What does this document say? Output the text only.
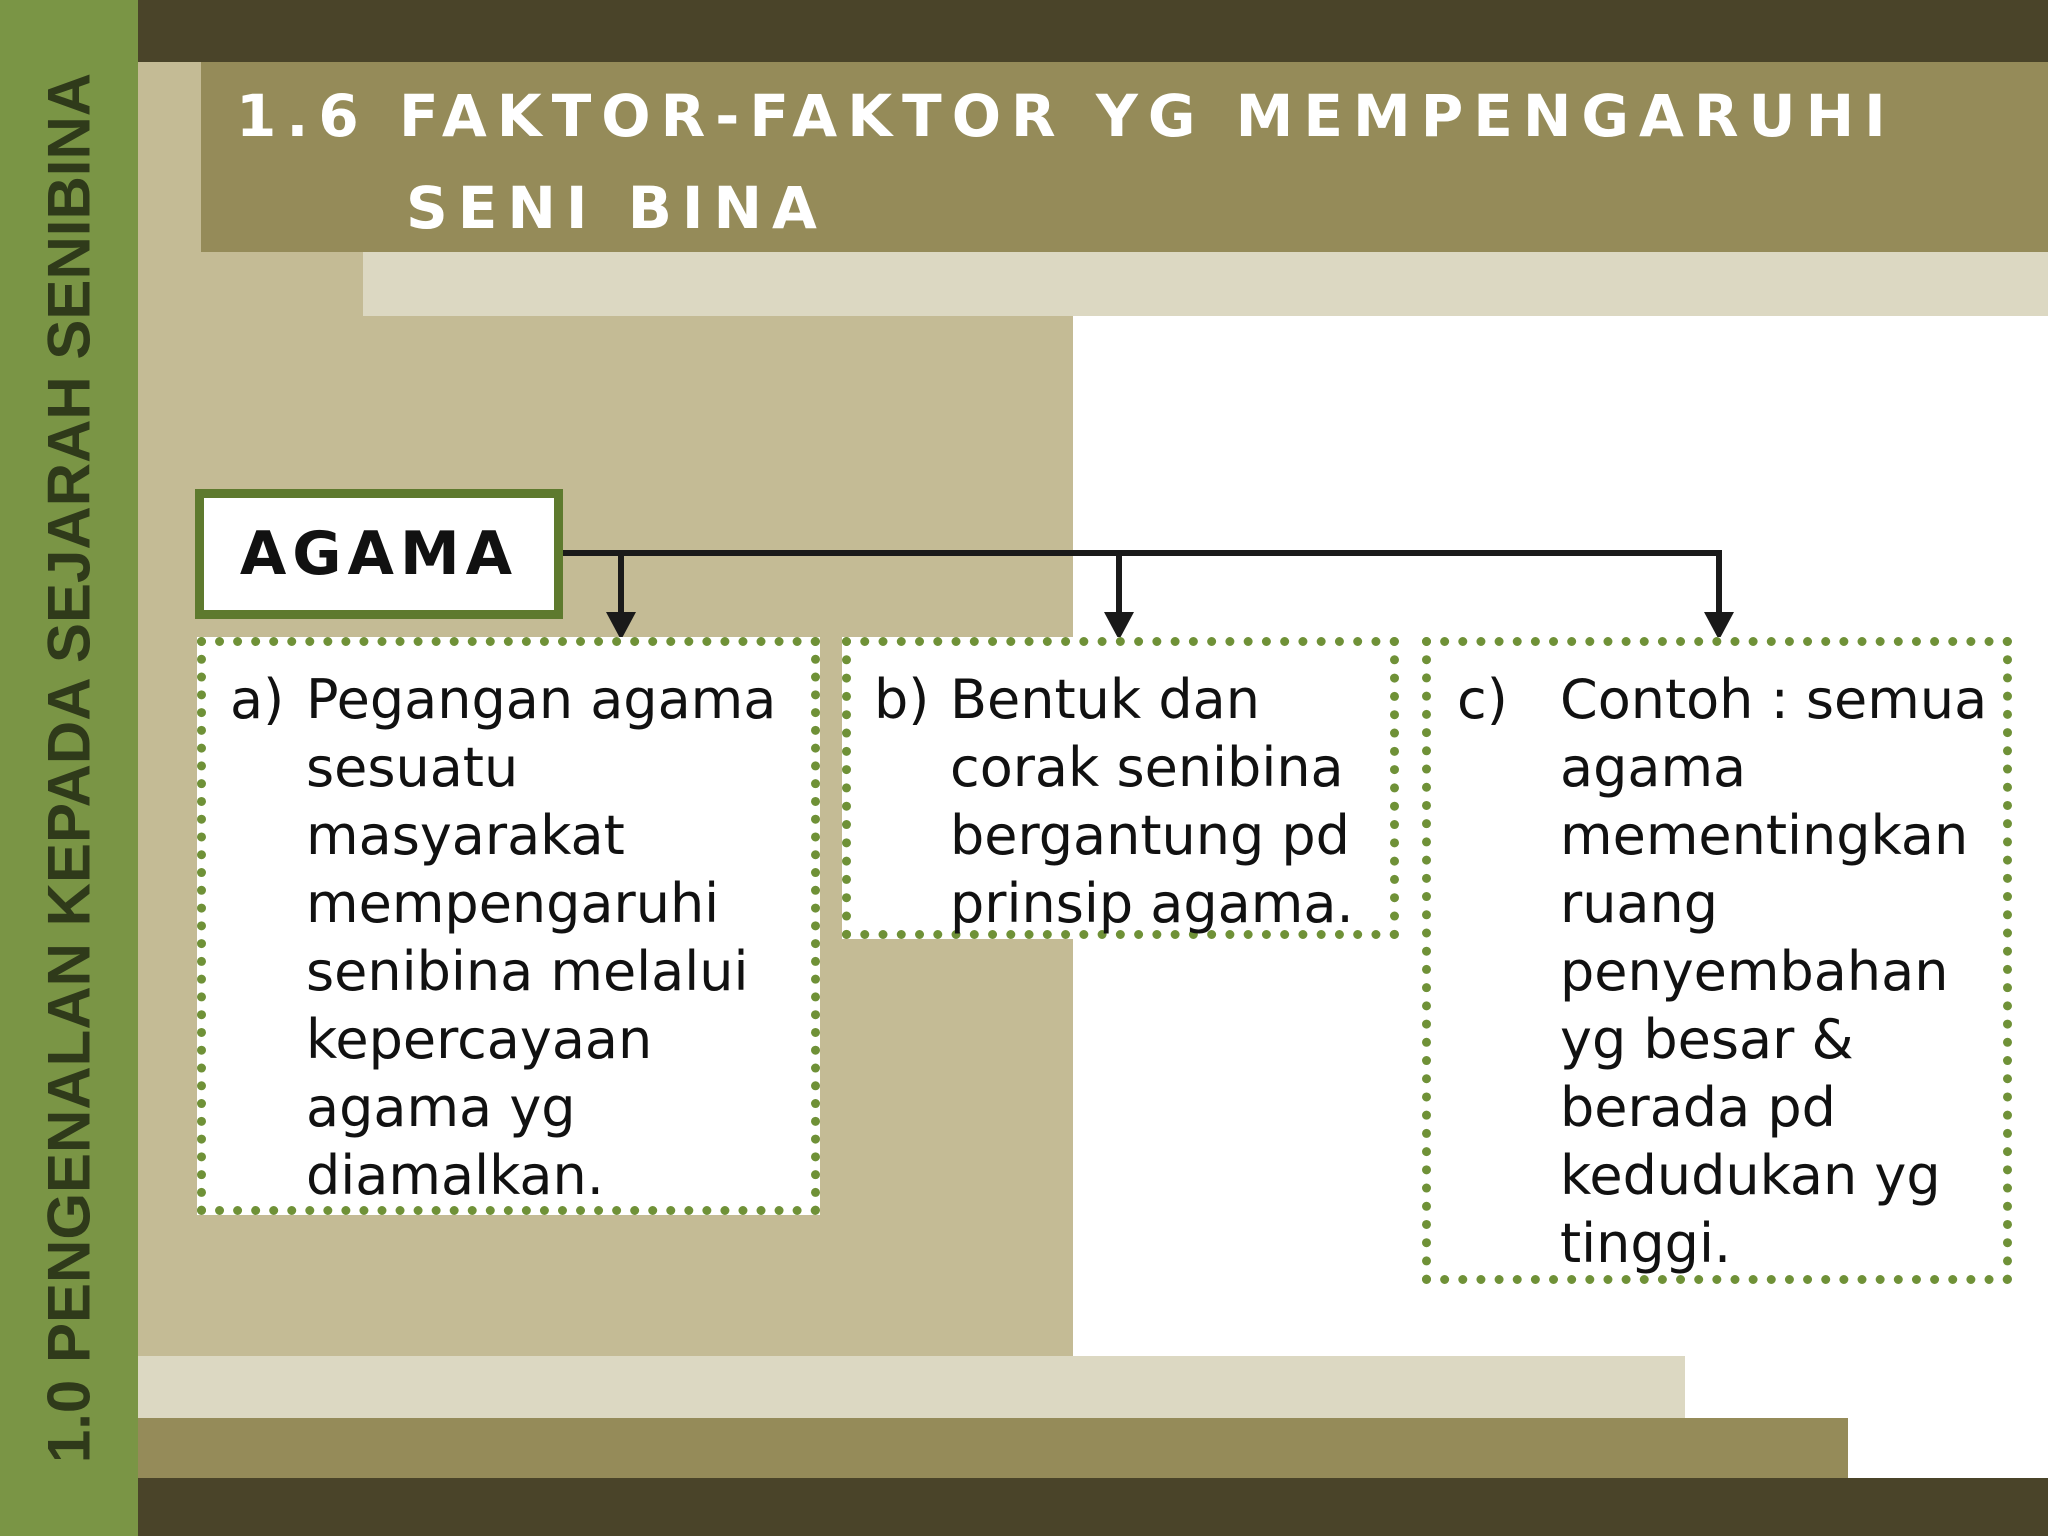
1.0 PENGENALAN KEPADA SEJARAH SENIBINA 1.6 FAKTOR-FAKTOR YG MEMPENGARUHI
SENI BINA
AGAMA
a) Pegangan agama sesuatu masyarakat mempengaruhi senibina melalui kepercayaan agama yg diamalkan.
b) Bentuk dan corak senibina bergantung pd prinsip agama.
c) Contoh : semua agama mementingkan ruang penyembahan yg besar & berada pd kedudukan yg tinggi.
